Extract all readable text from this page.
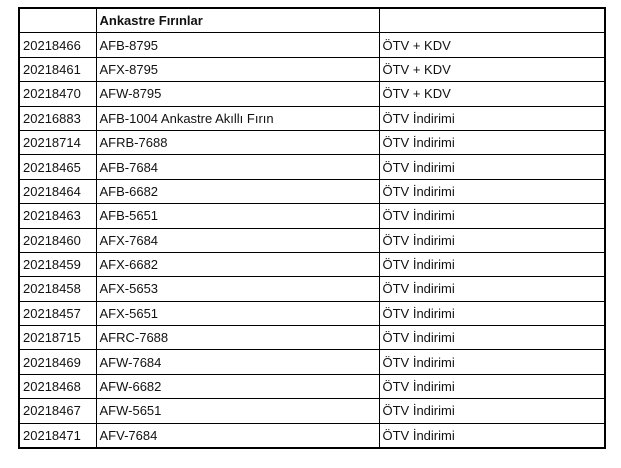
	Ankastre Fırınlar	
20218466	AFB-8795	ÖTV + KDV
20218461	AFX-8795	ÖTV + KDV
20218470	AFW-8795	ÖTV + KDV
20216883	AFB-1004 Ankastre Akıllı Fırın	ÖTV İndirimi
20218714	AFRB-7688	ÖTV İndirimi
20218465	AFB-7684	ÖTV İndirimi
20218464	AFB-6682	ÖTV İndirimi
20218463	AFB-5651	ÖTV İndirimi
20218460	AFX-7684	ÖTV İndirimi
20218459	AFX-6682	ÖTV İndirimi
20218458	AFX-5653	ÖTV İndirimi
20218457	AFX-5651	ÖTV İndirimi
20218715	AFRC-7688	ÖTV İndirimi
20218469	AFW-7684	ÖTV İndirimi
20218468	AFW-6682	ÖTV İndirimi
20218467	AFW-5651	ÖTV İndirimi
20218471	AFV-7684	ÖTV İndirimi
